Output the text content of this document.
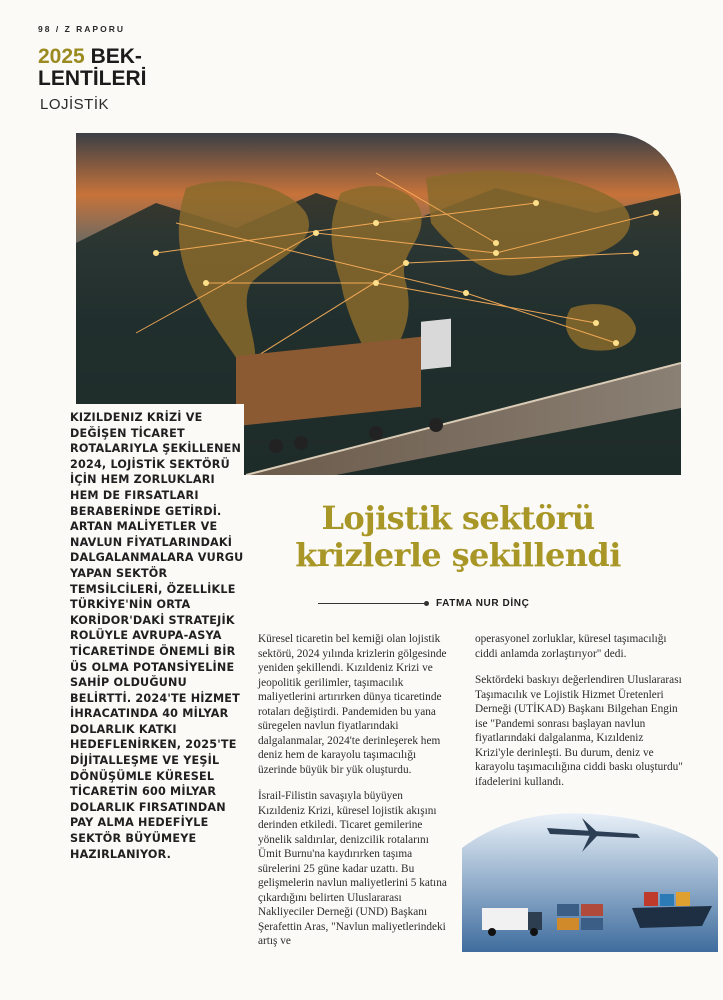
98 / Z RAPORU
2025 BEK-
LENTİLERİ
LOJİSTİK

KIZILDENIZ KRİZİ VE DEĞİŞEN TİCARET ROTALARIYLA ŞEKİLLENEN 2024, LOJİSTİK SEKTÖRÜ İÇİN HEM ZORLUKLARI HEM DE FIRSATLARI BERABERİNDE GETİRDİ. ARTAN MALİYETLER VE NAVLUN FİYATLARINDAKİ DALGALANMALARA VURGU YAPAN SEKTÖR TEMSİLCİLERİ, ÖZELLİKLE TÜRKİYE'NİN ORTA KORİDOR'DAKİ STRATEJİK ROLÜYLE AVRUPA-ASYA TİCARETİNDE ÖNEMLİ BİR ÜS OLMA POTANSİYELİNE SAHİP OLDUĞUNU BELİRTTİ. 2024'TE HİZMET İHRACATINDA 40 MİLYAR DOLARLIK KATKI HEDEFLENİRKEN, 2025'TE DİJİTALLEŞME VE YEŞİL DÖNÜŞÜMLE KÜRESEL TİCARETİN 600 MİLYAR DOLARLIK FIRSATINDAN PAY ALMA HEDEFİYLE SEKTÖR BÜYÜMEYE HAZIRLANIYOR.

Lojistik sektörü
krizlerle şekillendi
FATMA NUR DİNÇ

Küresel ticaretin bel kemiği olan lojistik sektörü, 2024 yılında krizlerin gölgesinde yeniden şekillendi. Kızıldeniz Krizi ve jeopolitik gerilimler, taşımacılık maliyetlerini artırırken dünya ticaretinde rotaları değiştirdi. Pandemiden bu yana süregelen navlun fiyatlarındaki dalgalanmalar, 2024'te derinleşerek hem deniz hem de karayolu taşımacılığı üzerinde büyük bir yük oluşturdu.

İsrail-Filistin savaşıyla büyüyen Kızıldeniz Krizi, küresel lojistik akışını derinden etkiledi. Ticaret gemilerine yönelik saldırılar, denizcilik rotalarını Ümit Burnu'na kaydırırken taşıma sürelerini 25 güne kadar uzattı. Bu gelişmelerin navlun maliyetlerini 5 katına çıkardığını belirten Uluslararası Nakliyeciler Derneği (UND) Başkanı Şerafettin Aras, "Navlun maliyetlerindeki artış ve

operasyonel zorluklar, küresel taşımacılığı ciddi anlamda zorlaştırıyor" dedi.

Sektördeki baskıyı değerlendiren Uluslararası Taşımacılık ve Lojistik Hizmet Üretenleri Derneği (UTİKAD) Başkanı Bilgehan Engin ise "Pandemi sonrası başlayan navlun fiyatlarındaki dalgalanma, Kızıldeniz Krizi'yle derinleşti. Bu durum, deniz ve karayolu taşımacılığına ciddi baskı oluşturdu" ifadelerini kullandı.
